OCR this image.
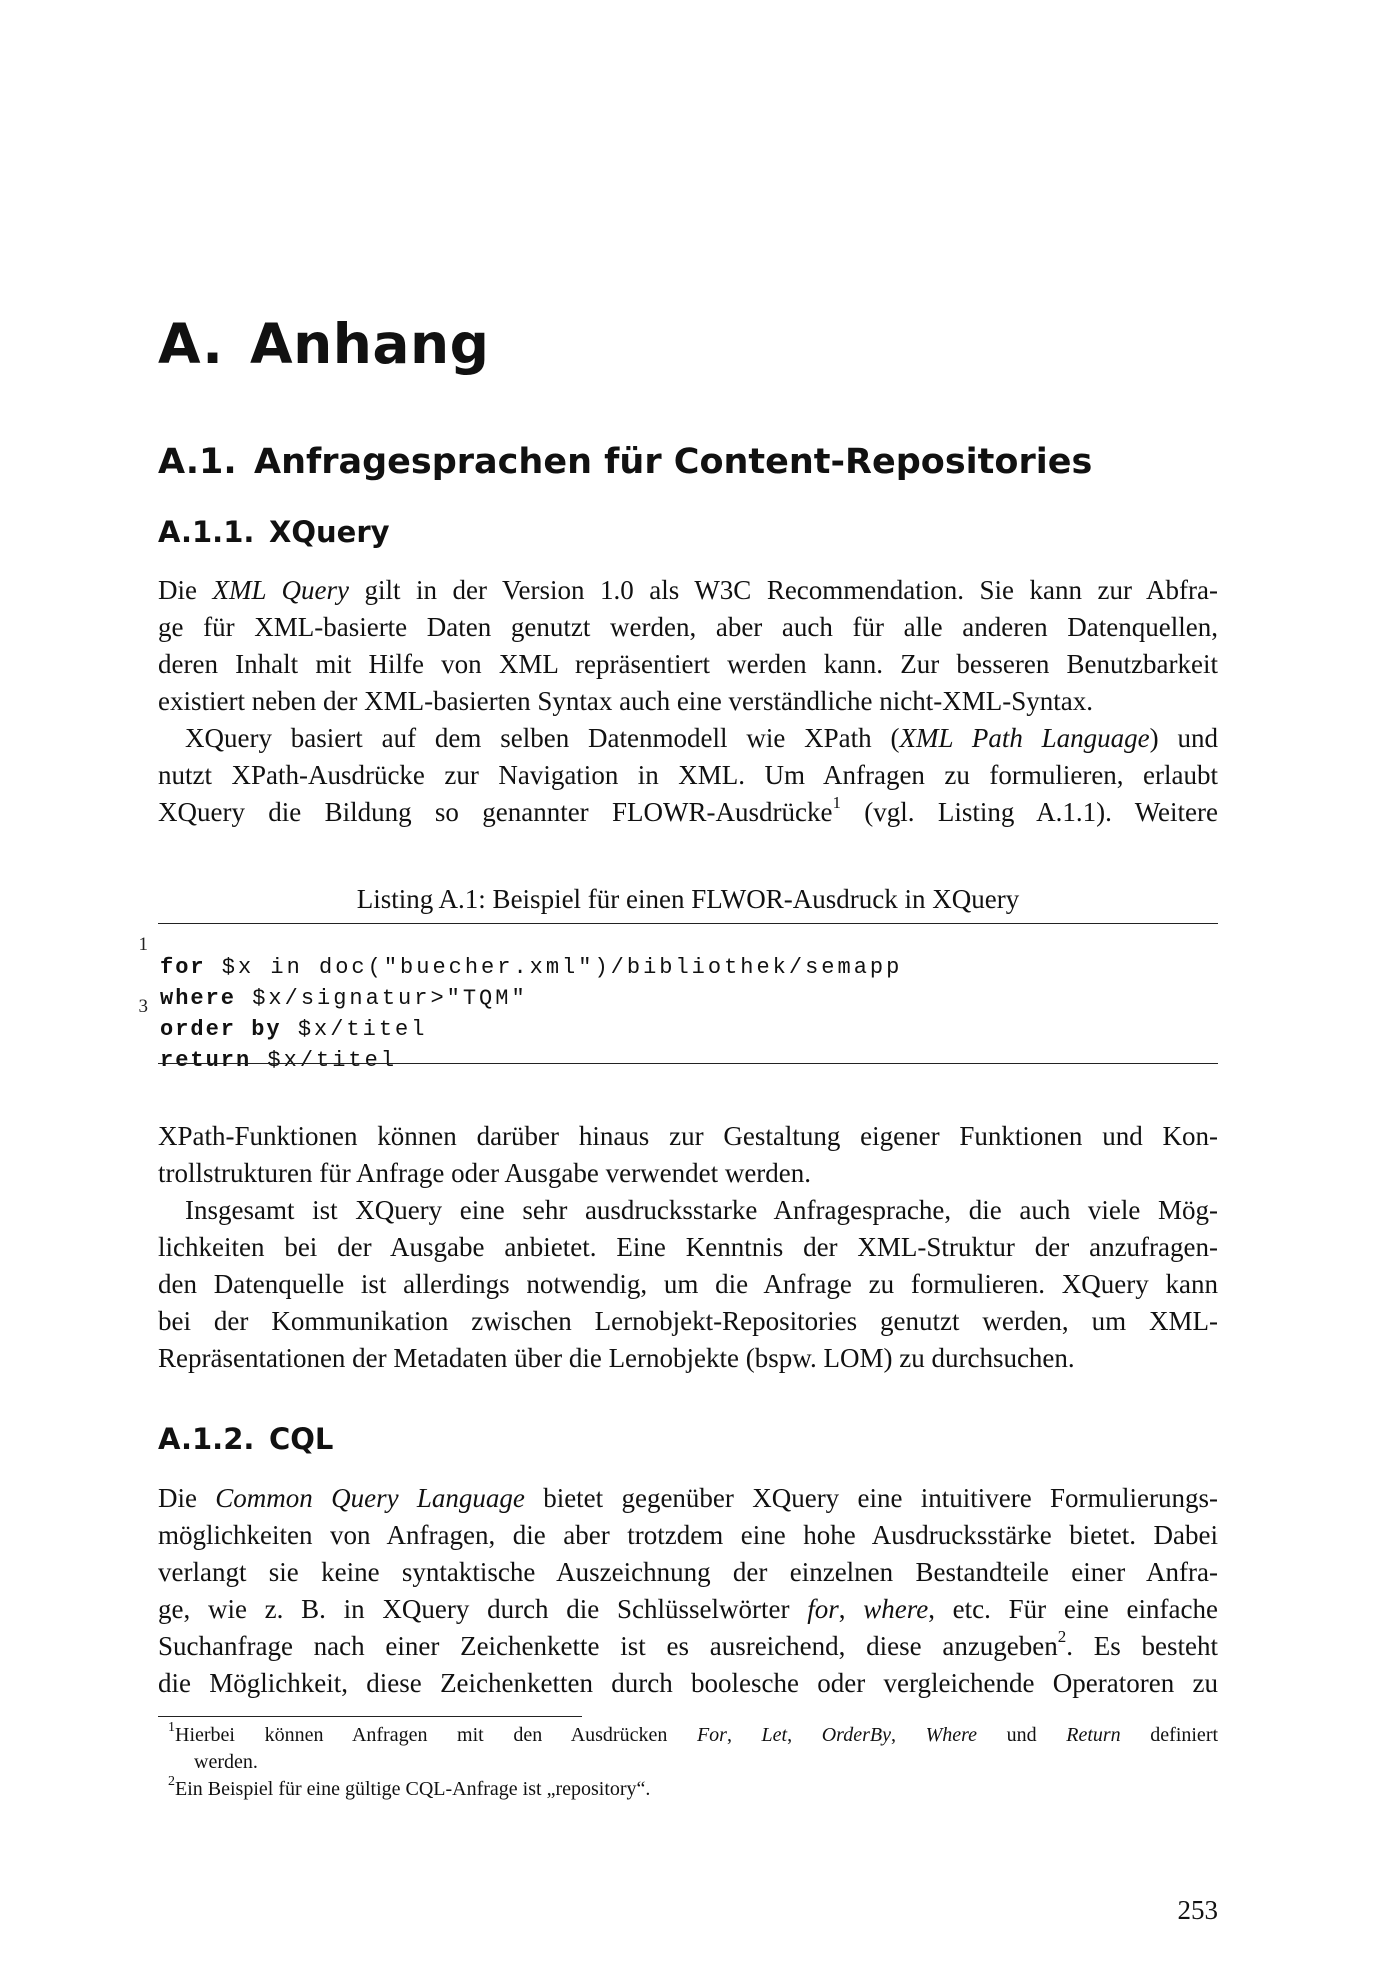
A. Anhang
A.1. Anfragesprachen für Content-Repositories
A.1.1. XQuery
Die XML Query gilt in der Version 1.0 als W3C Recommendation. Sie kann zur Abfra-
ge für XML-basierte Daten genutzt werden, aber auch für alle anderen Datenquellen,
deren Inhalt mit Hilfe von XML repräsentiert werden kann. Zur besseren Benutzbarkeit
existiert neben der XML-basierten Syntax auch eine verständliche nicht-XML-Syntax.
XQuery basiert auf dem selben Datenmodell wie XPath (XML Path Language) und
nutzt XPath-Ausdrücke zur Navigation in XML. Um Anfragen zu formulieren, erlaubt
XQuery die Bildung so genannter FLOWR-Ausdrücke$^1$ (vgl. Listing A.1.1). Weitere
Listing A.1: Beispiel für einen FLWOR-Ausdruck in XQuery

1
for $x in doc("buecher.xml")/bibliothek/semapp

where $x/signatur>"TQM"

3
order by $x/titel

return $x/titel

XPath-Funktionen können darüber hinaus zur Gestaltung eigener Funktionen und Kon-
trollstrukturen für Anfrage oder Ausgabe verwendet werden.
Insgesamt ist XQuery eine sehr ausdrucksstarke Anfragesprache, die auch viele Mög-
lichkeiten bei der Ausgabe anbietet. Eine Kenntnis der XML-Struktur der anzufragen-
den Datenquelle ist allerdings notwendig, um die Anfrage zu formulieren. XQuery kann
bei der Kommunikation zwischen Lernobjekt-Repositories genutzt werden, um XML-
Repräsentationen der Metadaten über die Lernobjekte (bspw. LOM) zu durchsuchen.
A.1.2. CQL
Die Common Query Language bietet gegenüber XQuery eine intuitivere Formulierungs-
möglichkeiten von Anfragen, die aber trotzdem eine hohe Ausdrucksstärke bietet. Dabei
verlangt sie keine syntaktische Auszeichnung der einzelnen Bestandteile einer Anfra-
ge, wie z. B. in XQuery durch die Schlüsselwörter for, where, etc. Für eine einfache
Suchanfrage nach einer Zeichenkette ist es ausreichend, diese anzugeben$^2$. Es besteht
die Möglichkeit, diese Zeichenketten durch boolesche oder vergleichende Operatoren zu
$^1$Hierbei können Anfragen mit den Ausdrücken For, Let, OrderBy, Where und Return definiert
werden.
$^2$Ein Beispiel für eine gültige CQL-Anfrage ist „repository“.
253
